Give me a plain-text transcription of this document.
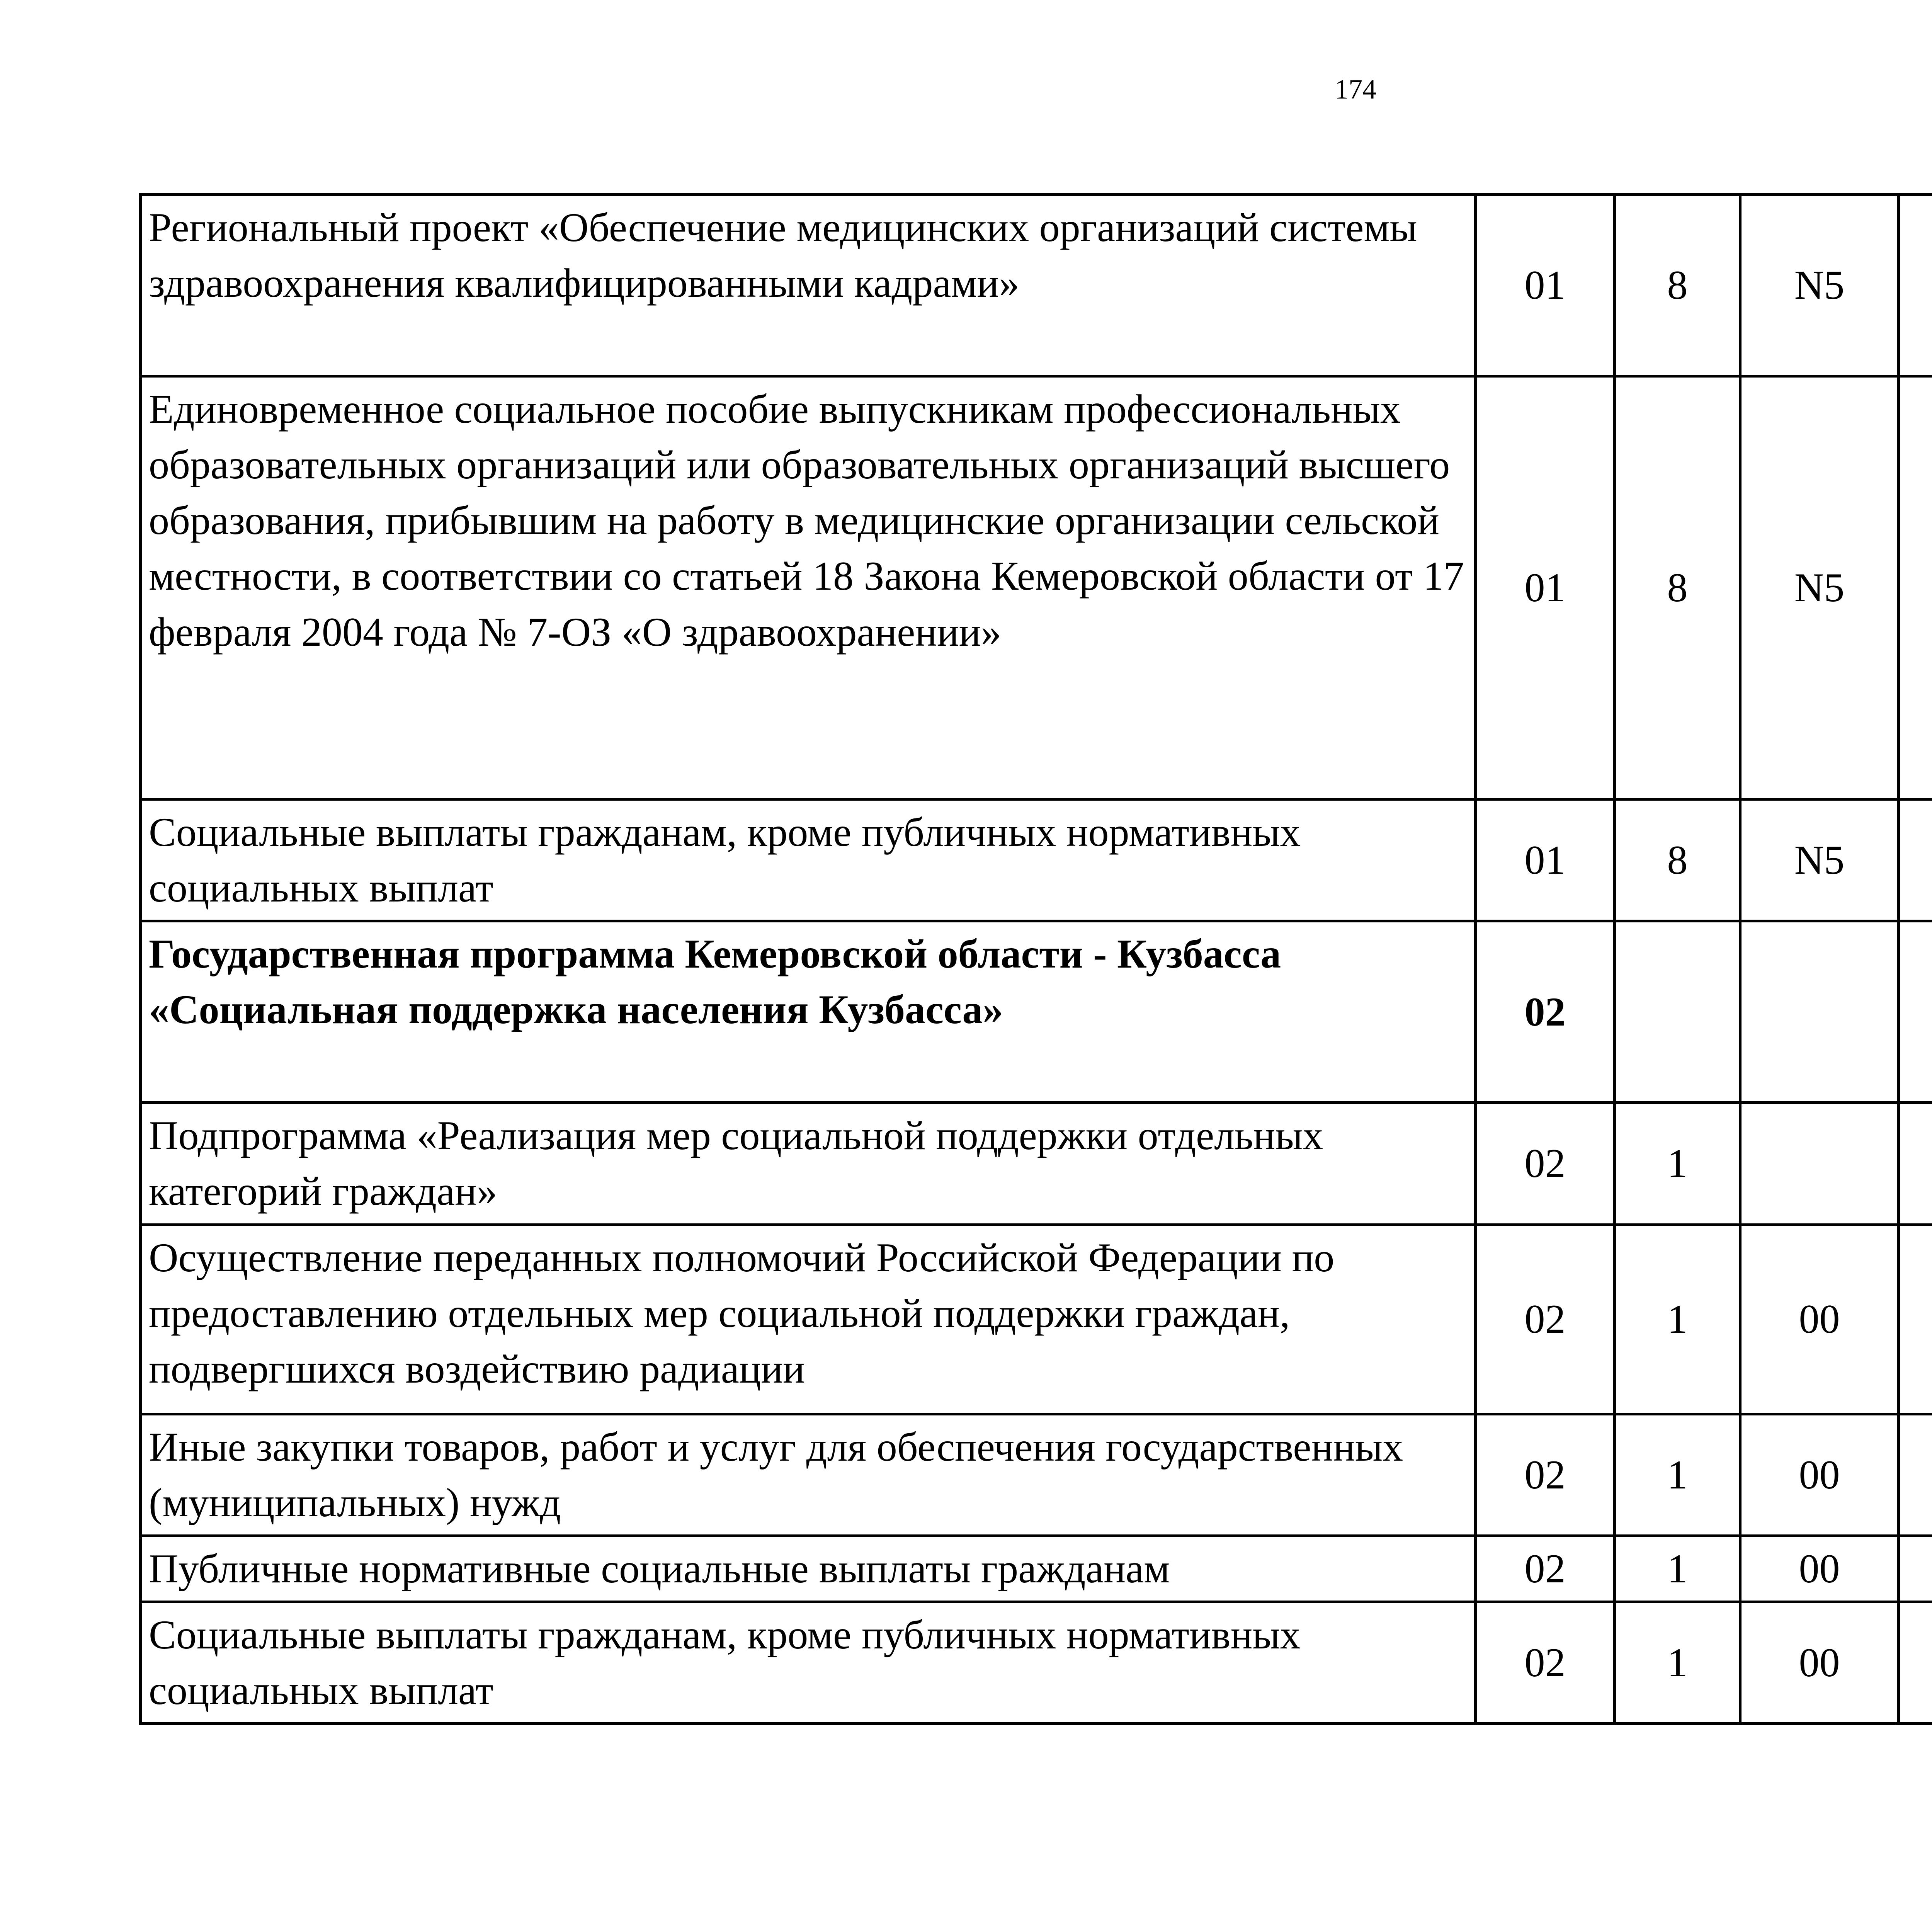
174
Региональный проект «Обеспечение медицинских организаций системы здравоохранения квалифицированными кадрами»	01	8	N5			
Единовременное социальное пособие выпускникам профессиональных образовательных организаций или образовательных организаций высшего образования, прибывшим на работу в медицинские организации сельской местности, в соответствии со статьей 18 Закона Кемеровской области от 17 февраля 2004 года № 7-ОЗ «О здравоохранении»	01	8	N5			
Социальные выплаты гражданам, кроме публичных нормативных социальных выплат	01	8	N5			
Государственная программа Кемеровской области - Кузбасса «Социальная поддержка населения Кузбасса»	02					
Подпрограмма «Реализация мер социальной поддержки отдельных категорий граждан»	02	1				
Осуществление переданных полномочий Российской Федерации по предоставлению отдельных мер социальной поддержки граждан, подвергшихся воздействию радиации	02	1	00			
Иные закупки товаров, работ и услуг для обеспечения государственных (муниципальных) нужд	02	1	00			
Публичные нормативные социальные выплаты гражданам	02	1	00			
Социальные выплаты гражданам, кроме публичных нормативных социальных выплат	02	1	00			
